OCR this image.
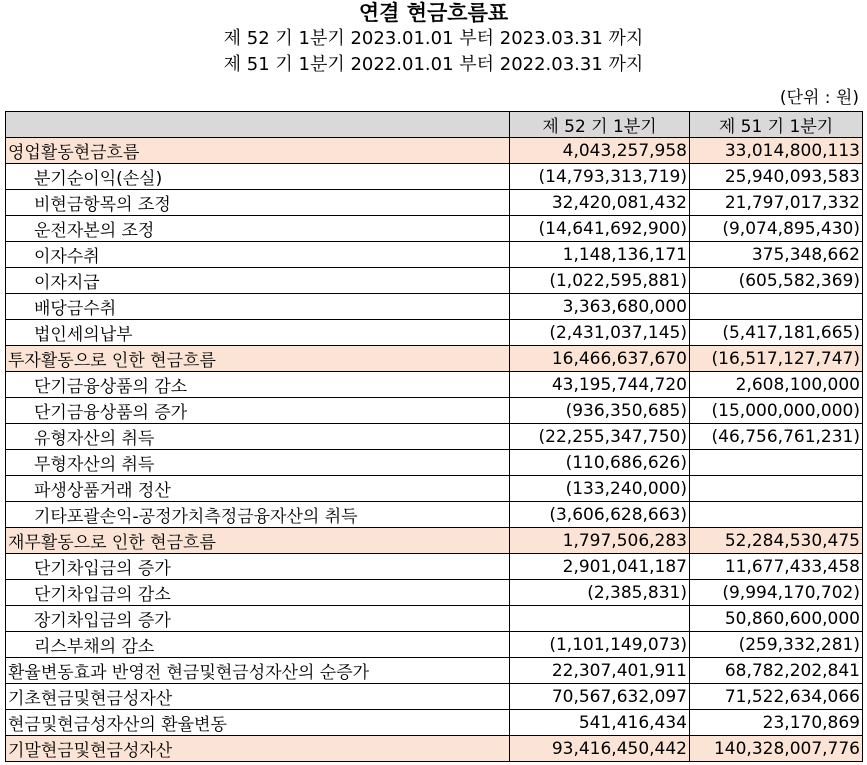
연결 현금흐름표
제 52 기 1분기 2023.01.01 부터 2023.03.31 까지
제 51 기 1분기 2022.01.01 부터 2022.03.31 까지
(단위 : 원)
	제 52 기 1분기	제 51 기 1분기
영업활동현금흐름	4,043,257,958	33,014,800,113
분기순이익(손실)	(14,793,313,719)	25,940,093,583
비현금항목의 조정	32,420,081,432	21,797,017,332
운전자본의 조정	(14,641,692,900)	(9,074,895,430)
이자수취	1,148,136,171	375,348,662
이자지급	(1,022,595,881)	(605,582,369)
배당금수취	3,363,680,000	
법인세의납부	(2,431,037,145)	(5,417,181,665)
투자활동으로 인한 현금흐름	16,466,637,670	(16,517,127,747)
단기금융상품의 감소	43,195,744,720	2,608,100,000
단기금융상품의 증가	(936,350,685)	(15,000,000,000)
유형자산의 취득	(22,255,347,750)	(46,756,761,231)
무형자산의 취득	(110,686,626)	
파생상품거래 정산	(133,240,000)	
기타포괄손익-공정가치측정금융자산의 취득	(3,606,628,663)	
재무활동으로 인한 현금흐름	1,797,506,283	52,284,530,475
단기차입금의 증가	2,901,041,187	11,677,433,458
단기차입금의 감소	(2,385,831)	(9,994,170,702)
장기차입금의 증가		50,860,600,000
리스부채의 감소	(1,101,149,073)	(259,332,281)
환율변동효과 반영전 현금및현금성자산의 순증가	22,307,401,911	68,782,202,841
기초현금및현금성자산	70,567,632,097	71,522,634,066
현금및현금성자산의 환율변동	541,416,434	23,170,869
기말현금및현금성자산	93,416,450,442	140,328,007,776
